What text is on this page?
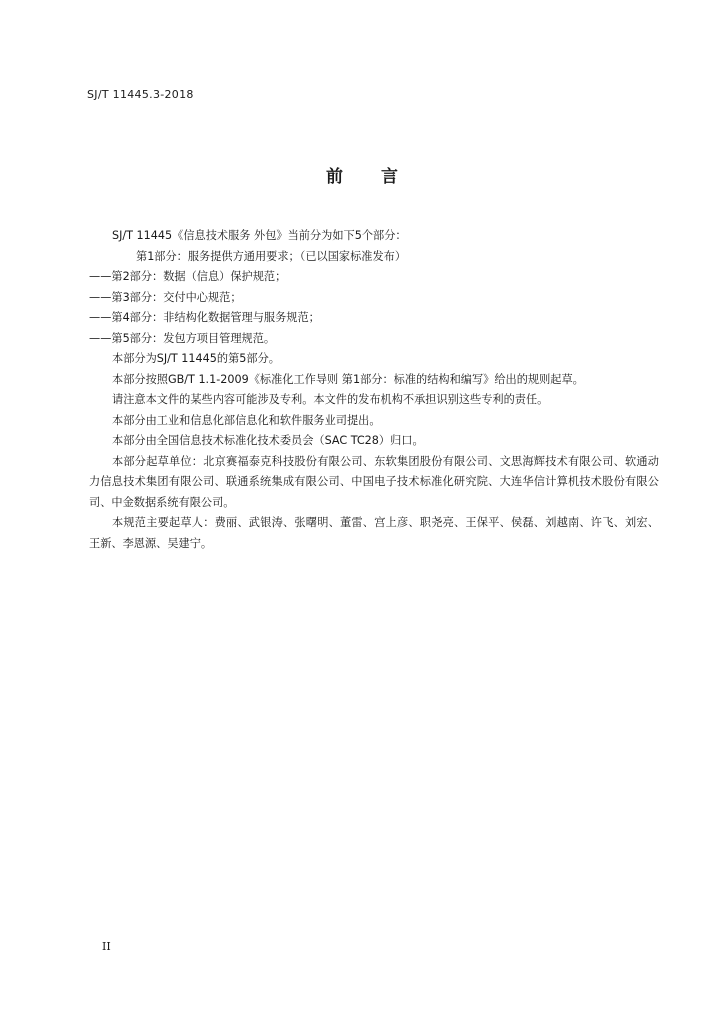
SJ/T 11445.3-2018
前言

SJ/T 11445《信息技术服务 外包》当前分为如下5个部分：

第1部分：服务提供方通用要求；（已以国家标准发布）

——第2部分：数据（信息）保护规范；

——第3部分：交付中心规范；

——第4部分：非结构化数据管理与服务规范；

——第5部分：发包方项目管理规范。

本部分为SJ/T 11445的第5部分。

本部分按照GB/T 1.1-2009《标准化工作导则 第1部分：标准的结构和编写》给出的规则起草。

请注意本文件的某些内容可能涉及专利。本文件的发布机构不承担识别这些专利的责任。

本部分由工业和信息化部信息化和软件服务业司提出。

本部分由全国信息技术标准化技术委员会（SAC TC28）归口。

本部分起草单位：北京赛福泰克科技股份有限公司、东软集团股份有限公司、文思海辉技术有限公司、软通动力信息技术集团有限公司、联通系统集成有限公司、中国电子技术标准化研究院、大连华信计算机技术股份有限公司、中金数据系统有限公司。

本规范主要起草人：费丽、武银涛、张曙明、董雷、宫上彦、职尧亮、王保平、侯磊、刘越南、许飞、刘宏、王新、李恩源、吴建宁。

II
